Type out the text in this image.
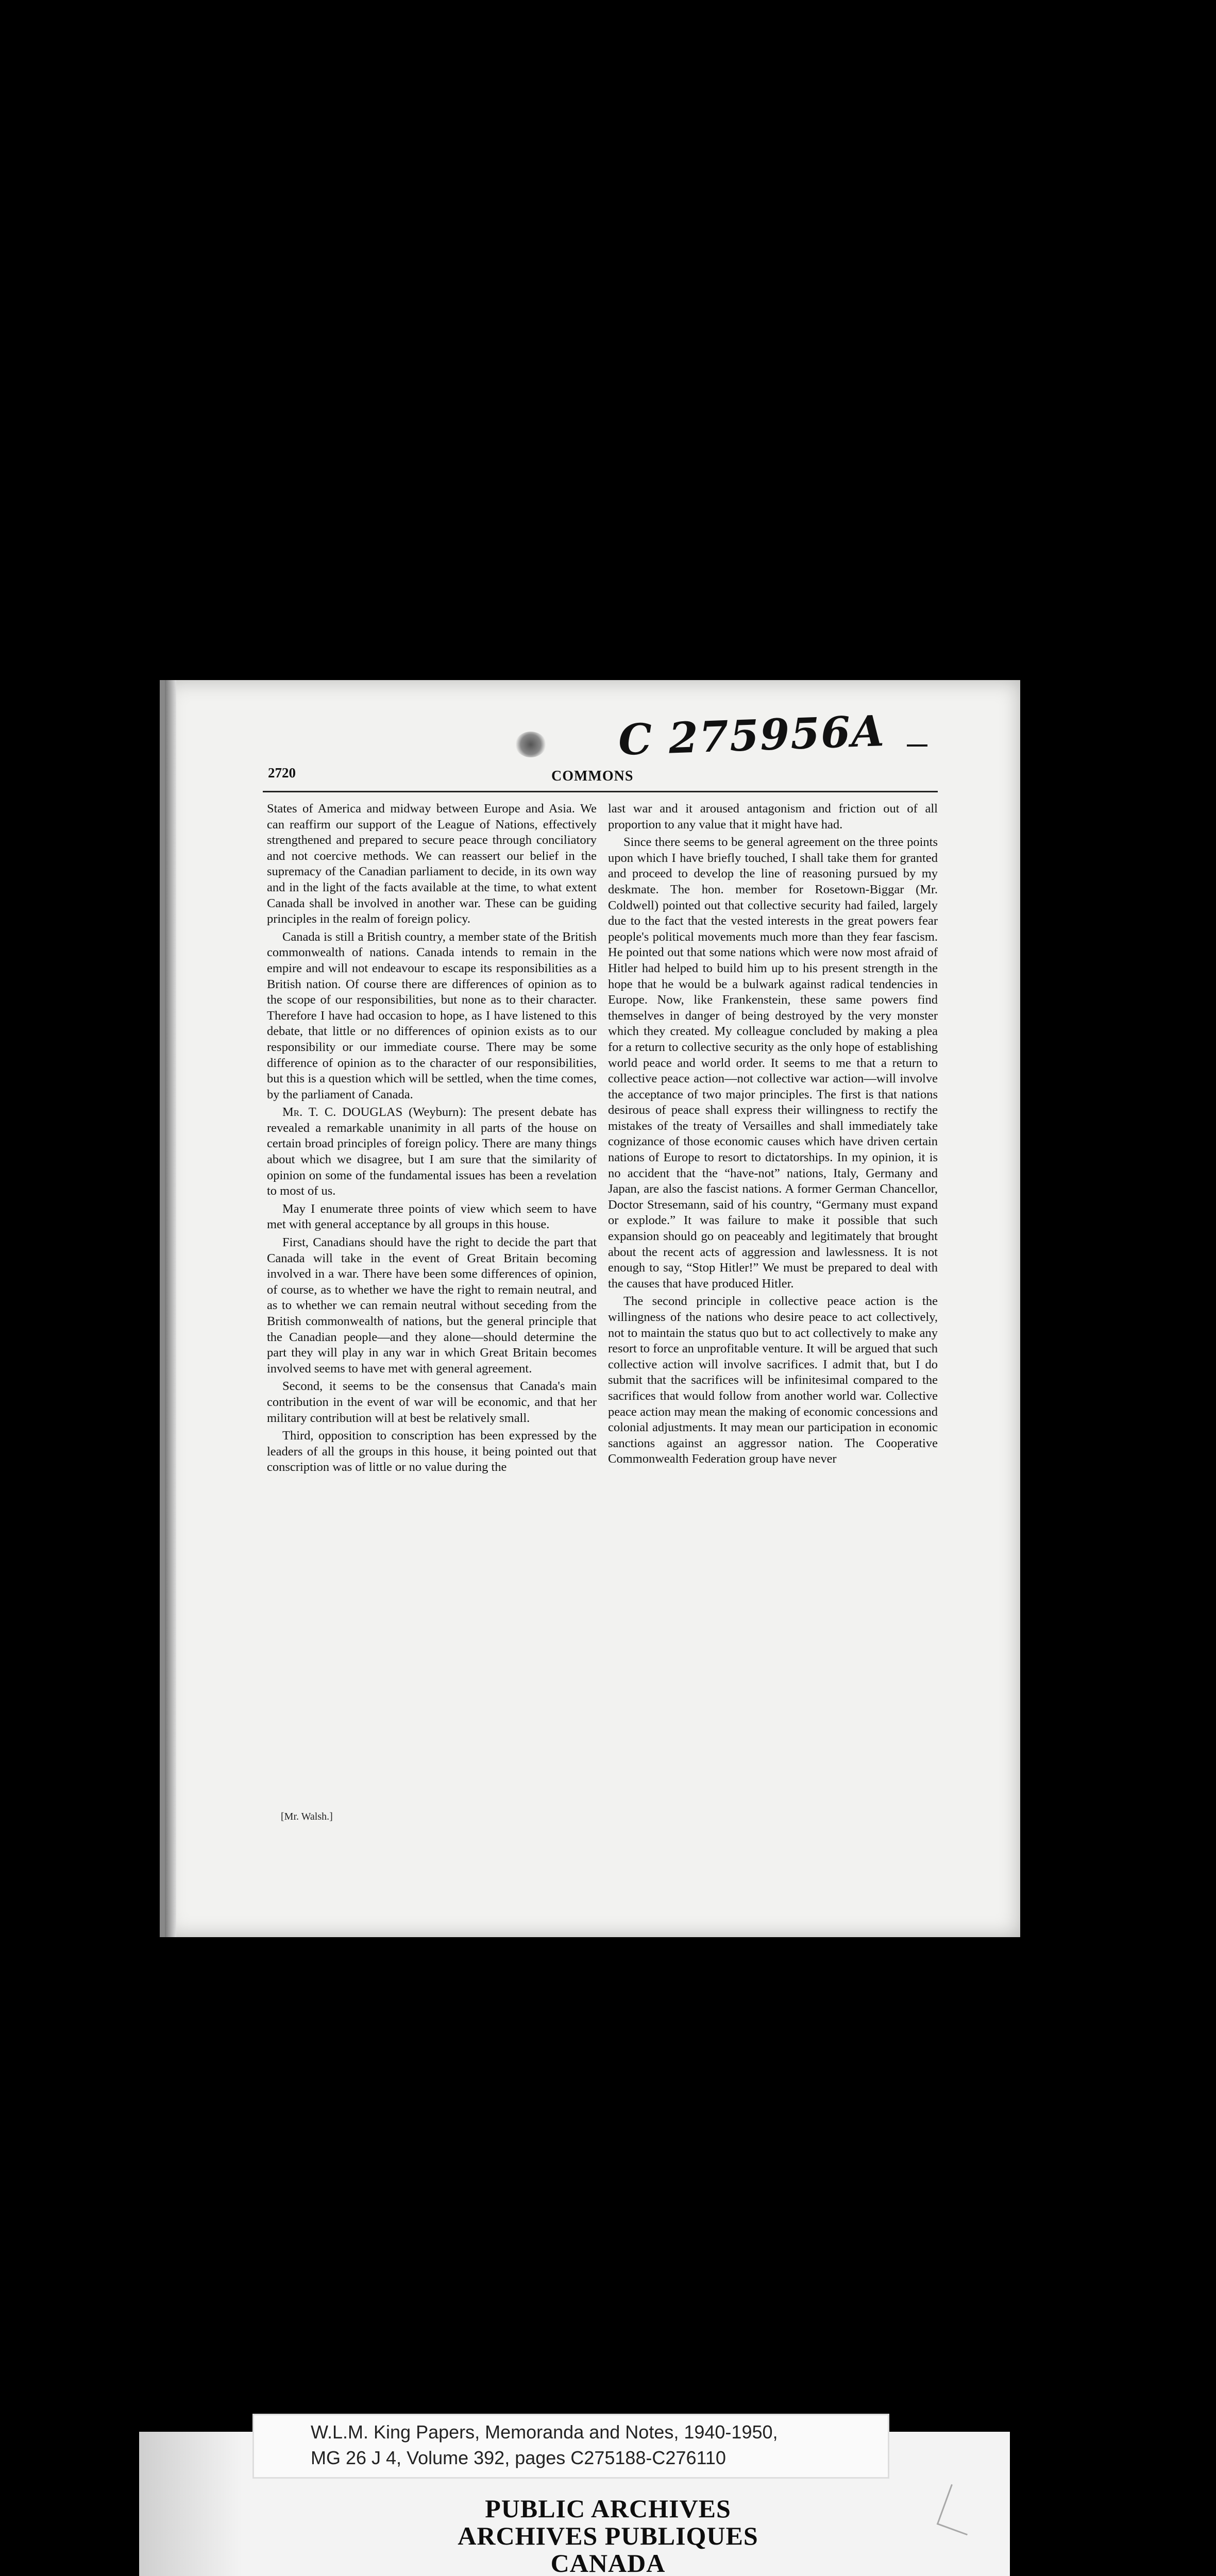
C 275956A
2720	COMMONS

States of America and midway between Europe and Asia. We can reaffirm our support of the League of Nations, effectively strengthened and prepared to secure peace through conciliatory and not coercive methods. We can reassert our belief in the supremacy of the Canadian parliament to decide, in its own way and in the light of the facts available at the time, to what extent Canada shall be involved in another war. These can be guiding principles in the realm of foreign policy.

Canada is still a British country, a member state of the British commonwealth of nations. Canada intends to remain in the empire and will not endeavour to escape its responsibilities as a British nation. Of course there are differences of opinion as to the scope of our responsibilities, but none as to their character. Therefore I have had occasion to hope, as I have listened to this debate, that little or no differences of opinion exists as to our responsibility or our immediate course. There may be some difference of opinion as to the character of our responsibilities, but this is a question which will be settled, when the time comes, by the parliament of Canada.

Mr. T. C. DOUGLAS (Weyburn): The present debate has revealed a remarkable unanimity in all parts of the house on certain broad principles of foreign policy. There are many things about which we disagree, but I am sure that the similarity of opinion on some of the fundamental issues has been a revelation to most of us.

May I enumerate three points of view which seem to have met with general acceptance by all groups in this house.

First, Canadians should have the right to decide the part that Canada will take in the event of Great Britain becoming involved in a war. There have been some differences of opinion, of course, as to whether we have the right to remain neutral, and as to whether we can remain neutral without seceding from the British commonwealth of nations, but the general principle that the Canadian people—and they alone—should determine the part they will play in any war in which Great Britain becomes involved seems to have met with general agreement.

Second, it seems to be the consensus that Canada's main contribution in the event of war will be economic, and that her military contribution will at best be relatively small.

Third, opposition to conscription has been expressed by the leaders of all the groups in this house, it being pointed out that conscription was of little or no value during the

last war and it aroused antagonism and friction out of all proportion to any value that it might have had.

Since there seems to be general agreement on the three points upon which I have briefly touched, I shall take them for granted and proceed to develop the line of reasoning pursued by my deskmate. The hon. member for Rosetown-Biggar (Mr. Coldwell) pointed out that collective security had failed, largely due to the fact that the vested interests in the great powers fear people's political movements much more than they fear fascism. He pointed out that some nations which were now most afraid of Hitler had helped to build him up to his present strength in the hope that he would be a bulwark against radical tendencies in Europe. Now, like Frankenstein, these same powers find themselves in danger of being destroyed by the very monster which they created. My colleague concluded by making a plea for a return to collective security as the only hope of establishing world peace and world order. It seems to me that a return to collective peace action—not collective war action—will involve the acceptance of two major principles. The first is that nations desirous of peace shall express their willingness to rectify the mistakes of the treaty of Versailles and shall immediately take cognizance of those economic causes which have driven certain nations of Europe to resort to dictatorships. In my opinion, it is no accident that the “have-not” nations, Italy, Germany and Japan, are also the fascist nations. A former German Chancellor, Doctor Stresemann, said of his country, “Germany must expand or explode.” It was failure to make it possible that such expansion should go on peaceably and legitimately that brought about the recent acts of aggression and lawlessness. It is not enough to say, “Stop Hitler!” We must be prepared to deal with the causes that have produced Hitler.

The second principle in collective peace action is the willingness of the nations who desire peace to act collectively, not to maintain the status quo but to act collectively to make any resort to force an unprofitable venture. It will be argued that such collective action will involve sacrifices. I admit that, but I do submit that the sacrifices will be infinitesimal compared to the sacrifices that would follow from another world war. Collective peace action may mean the making of economic concessions and colonial adjustments. It may mean our participation in economic sanctions against an aggressor nation. The Cooperative Commonwealth Federation group have never

[Mr. Walsh.]
W.L.M. King Papers, Memoranda and Notes, 1940-1950,
MG 26 J 4, Volume 392, pages C275188-C276110
PUBLIC ARCHIVES
ARCHIVES PUBLIQUES
CANADA
